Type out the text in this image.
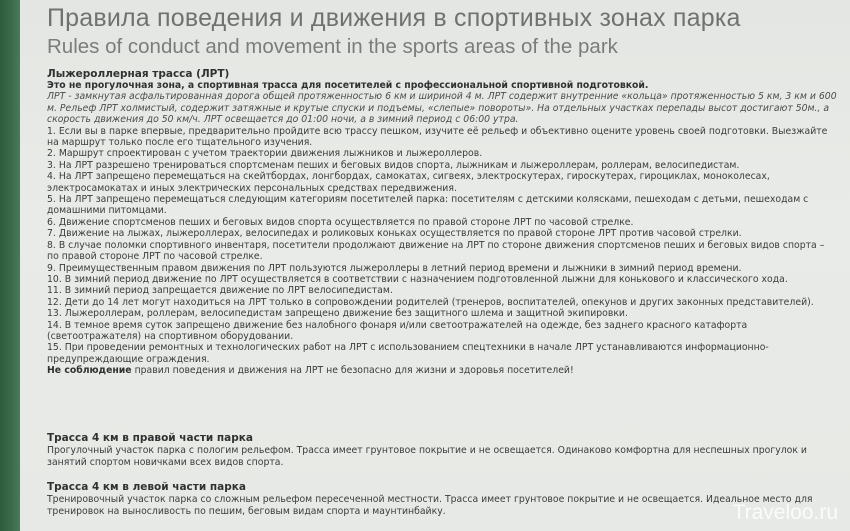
Правила поведения и движения в спортивных зонах парка
Rules of conduct and movement in the sports areas of the park
Лыжероллерная трасса (ЛРТ)
Это не прогулочная зона, а спортивная трасса для посетителей с профессиональной спортивной подготовкой.
ЛРТ - замкнутая асфальтированная дорога общей протяженностью 6 км и шириной 4 м. ЛРТ содержит внутренние «кольца» протяженностью 5 км, 3 км и 600 м. Рельеф ЛРТ холмистый, содержит затяжные и крутые спуски и подъемы, «слепые» повороты». На отдельных участках перепады высот достигают 50м., а скорость движения до 50 км/ч. ЛРТ освещается до 01:00 ночи, а в зимний период с 06:00 утра.
1. Если вы в парке впервые, предварительно пройдите всю трассу пешком, изучите её рельеф и объективно оцените уровень своей подготовки. Выезжайте на маршрут только после его тщательного изучения.
2. Маршрут спроектирован с учетом траектории движения лыжников и лыжероллеров.
3. На ЛРТ разрешено тренироваться спортсменам пеших и беговых видов спорта, лыжникам и лыжероллерам, роллерам, велосипедистам.
4. На ЛРТ запрещено перемещаться на скейтбордах, лонгбордах, самокатах, сигвеях, электроскутерах, гироскутерах, гироциклах, моноколесах, электросамокатах и иных электрических персональных средствах передвижения.
5. На ЛРТ запрещено перемещаться следующим категориям посетителей парка: посетителям с детскими колясками, пешеходам с детьми, пешеходам с домашними питомцами.
6. Движение спортсменов пеших и беговых видов спорта осуществляется по правой стороне ЛРТ по часовой стрелке.
7. Движение на лыжах, лыжероллерах, велосипедах и роликовых коньках осуществляется по правой стороне ЛРТ против часовой стрелки.
8. В случае поломки спортивного инвентаря, посетители продолжают движение на ЛРТ по стороне движения спортсменов пеших и беговых видов спорта – по правой стороне ЛРТ по часовой стрелке.
9. Преимущественным правом движения по ЛРТ пользуются лыжероллеры в летний период времени и лыжники в зимний период времени.
10. В зимний период движение по ЛРТ осуществляется в соответствии с назначением подготовленной лыжни для конькового и классического хода.
11. В зимний период запрещается движение по ЛРТ велосипедистам.
12. Дети до 14 лет могут находиться на ЛРТ только в сопровождении родителей (тренеров, воспитателей, опекунов и других законных представителей).
13. Лыжероллерам, роллерам, велосипедистам запрещено движение без защитного шлема и защитной экипировки.
14. В темное время суток запрещено движение без налобного фонаря и/или светоотражателей на одежде, без заднего красного катафорта (светоотражателя) на спортивном оборудовании.
15. При проведении ремонтных и технологических работ на ЛРТ с использованием спецтехники в начале ЛРТ устанавливаются информационно-предупреждающие ограждения.
Не соблюдение правил поведения и движения на ЛРТ не безопасно для жизни и здоровья посетителей!
Трасса 4 км в правой части парка
Прогулочный участок парка с пологим рельефом. Трасса имеет грунтовое покрытие и не освещается. Одинаково комфортна для неспешных прогулок и занятий спортом новичками всех видов спорта.
Трасса 4 км в левой части парка
Тренировочный участок парка со сложным рельефом пересеченной местности. Трасса имеет грунтовое покрытие и не освещается. Идеальное место для тренировок на выносливость по пешим, беговым видам спорта и маунтинбайку.	Traveloo.ru
